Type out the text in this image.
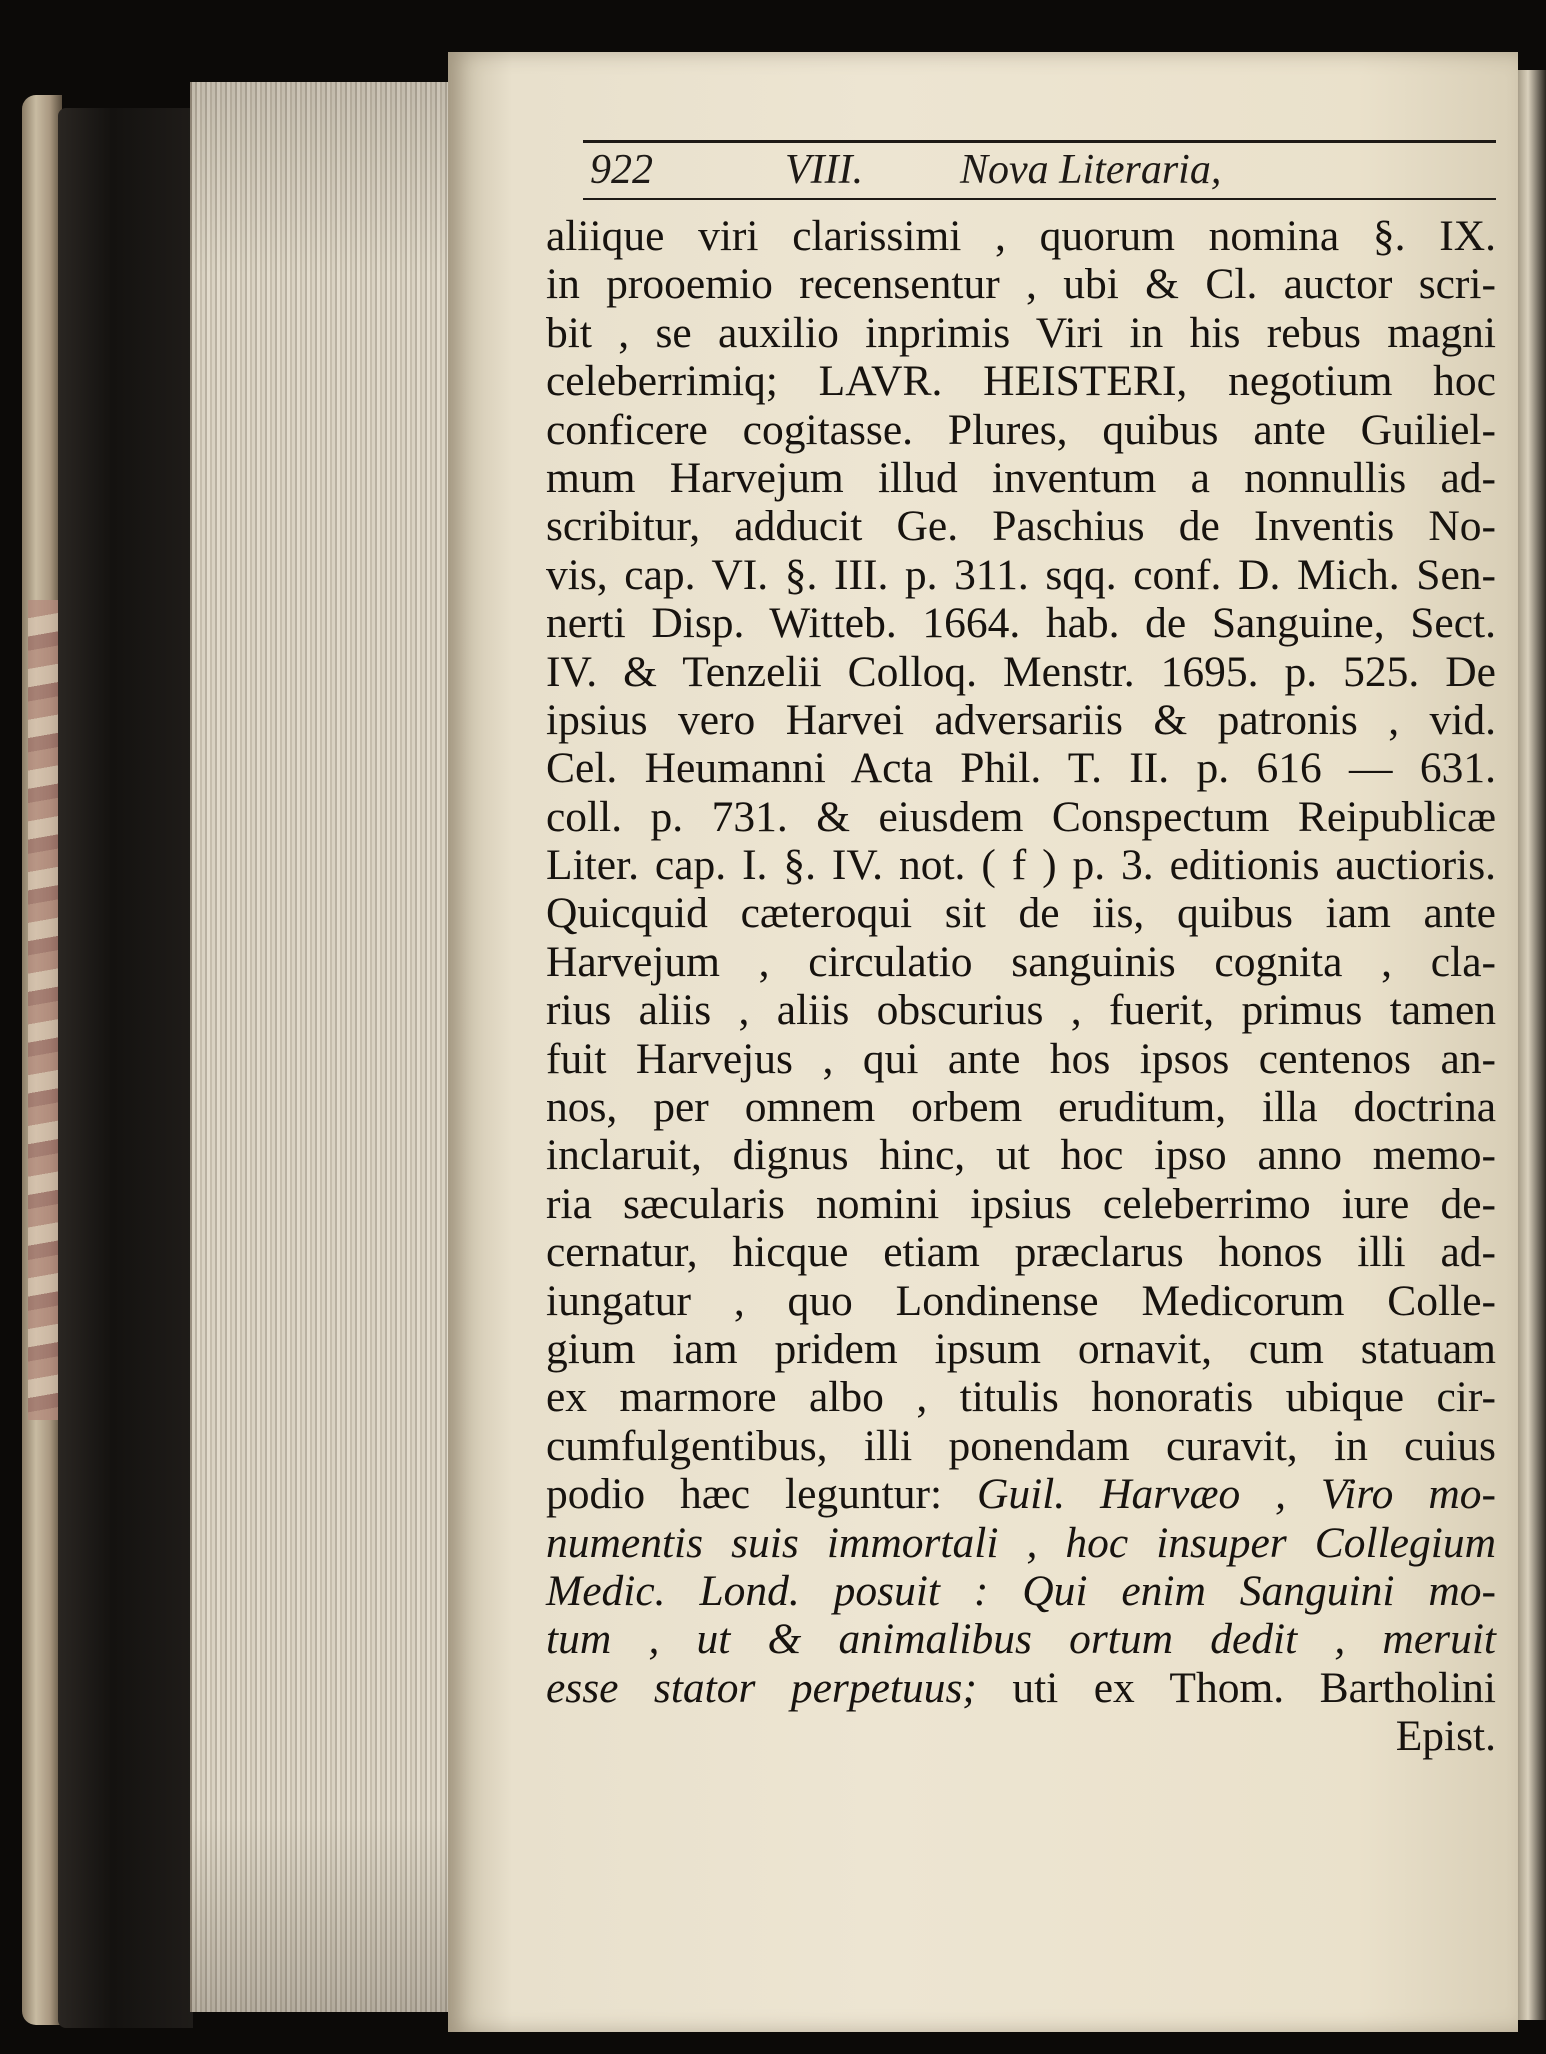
922	VIII. Nova Literaria,
aliique viri clarissimi , quorum nomina §. IX.
in prooemio recensentur , ubi & Cl. auctor scri-
bit , se auxilio inprimis Viri in his rebus magni
celeberrimiq; LAVR. HEISTERI, negotium hoc
conficere cogitasse. Plures, quibus ante Guiliel-
mum Harvejum illud inventum a nonnullis ad-
scribitur, adducit Ge. Paschius de Inventis No-
vis, cap. VI. §. III. p. 311. sqq. conf. D. Mich. Sen-
nerti Disp. Witteb. 1664. hab. de Sanguine, Sect.
IV. & Tenzelii Colloq. Menstr. 1695. p. 525. De
ipsius vero Harvei adversariis & patronis , vid.
Cel. Heumanni Acta Phil. T. II. p. 616 — 631.
coll. p. 731. & eiusdem Conspectum Reipublicæ
Liter. cap. I. §. IV. not. ( f ) p. 3. editionis auctioris.
Quicquid cæteroqui sit de iis, quibus iam ante
Harvejum , circulatio sanguinis cognita , cla-
rius aliis , aliis obscurius , fuerit, primus tamen
fuit Harvejus , qui ante hos ipsos centenos an-
nos, per omnem orbem eruditum, illa doctrina
inclaruit, dignus hinc, ut hoc ipso anno memo-
ria sæcularis nomini ipsius celeberrimo iure de-
cernatur, hicque etiam præclarus honos illi ad-
iungatur , quo Londinense Medicorum Colle-
gium iam pridem ipsum ornavit, cum statuam
ex marmore albo , titulis honoratis ubique cir-
cumfulgentibus, illi ponendam curavit, in cuius
podio hæc leguntur: Guil. Harvæo , Viro mo-
numentis suis immortali , hoc insuper Collegium
Medic. Lond. posuit : Qui enim Sanguini mo-
tum , ut & animalibus ortum dedit , meruit
esse stator perpetuus; uti ex Thom. Bartholini
Epist.
